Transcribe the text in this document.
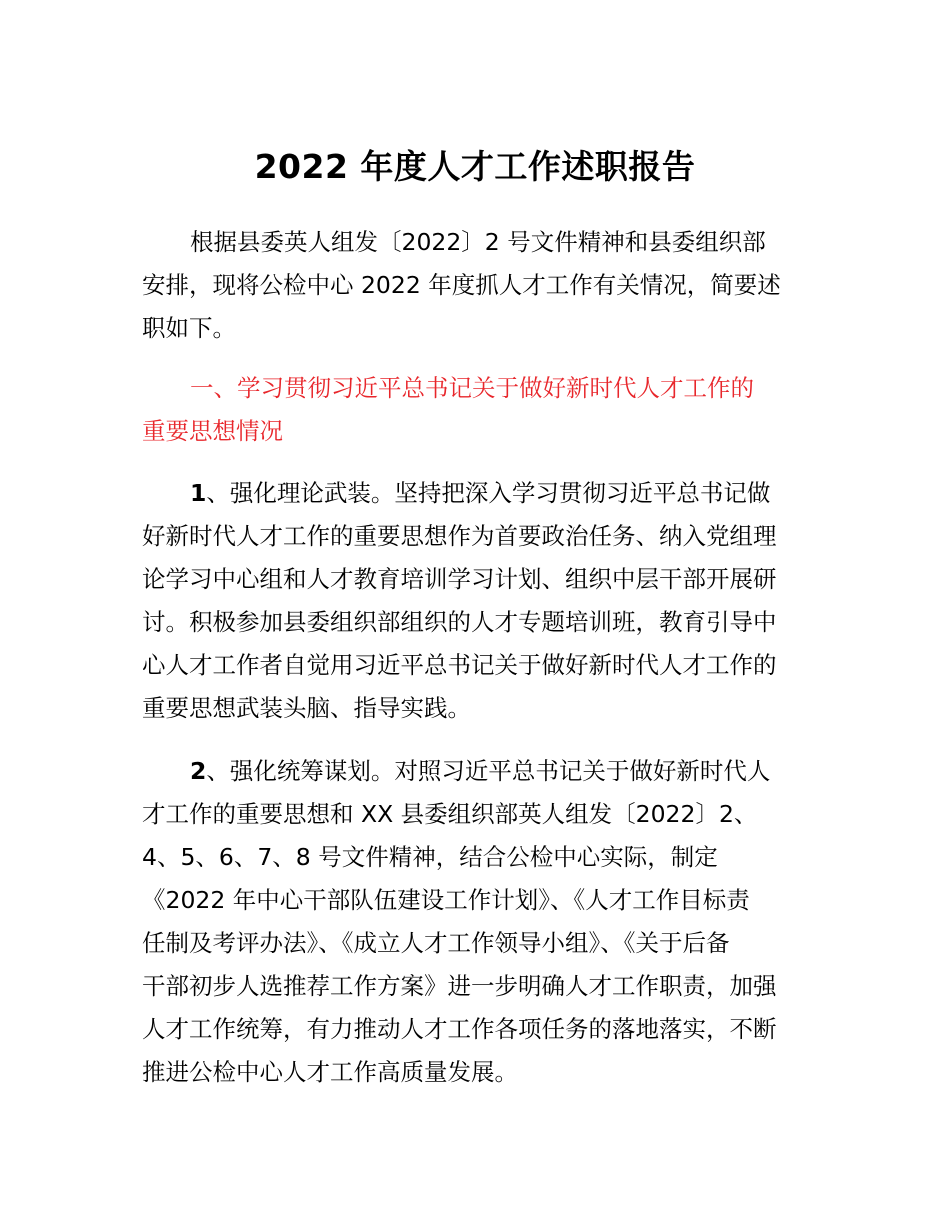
2022 年度人才工作述职报告
根据县委英人组发〔2022〕2 号文件精神和县委组织部
安排，现将公检中心 2022 年度抓人才工作有关情况，简要述
职如下。
一、学习贯彻习近平总书记关于做好新时代人才工作的
重要思想情况
1、强化理论武装。坚持把深入学习贯彻习近平总书记做
好新时代人才工作的重要思想作为首要政治任务、纳入党组理
论学习中心组和人才教育培训学习计划、组织中层干部开展研
讨。积极参加县委组织部组织的人才专题培训班，教育引导中
心人才工作者自觉用习近平总书记关于做好新时代人才工作的
重要思想武装头脑、指导实践。
2、强化统筹谋划。对照习近平总书记关于做好新时代人
才工作的重要思想和 XX 县委组织部英人组发〔2022〕2、
4、5、6、7、8 号文件精神，结合公检中心实际，制定
《2022 年中心干部队伍建设工作计划》、《人才工作目标责
任制及考评办法》、《成立人才工作领导小组》、《关于后备
干部初步人选推荐工作方案》进一步明确人才工作职责，加强
人才工作统筹，有力推动人才工作各项任务的落地落实，不断
推进公检中心人才工作高质量发展。
